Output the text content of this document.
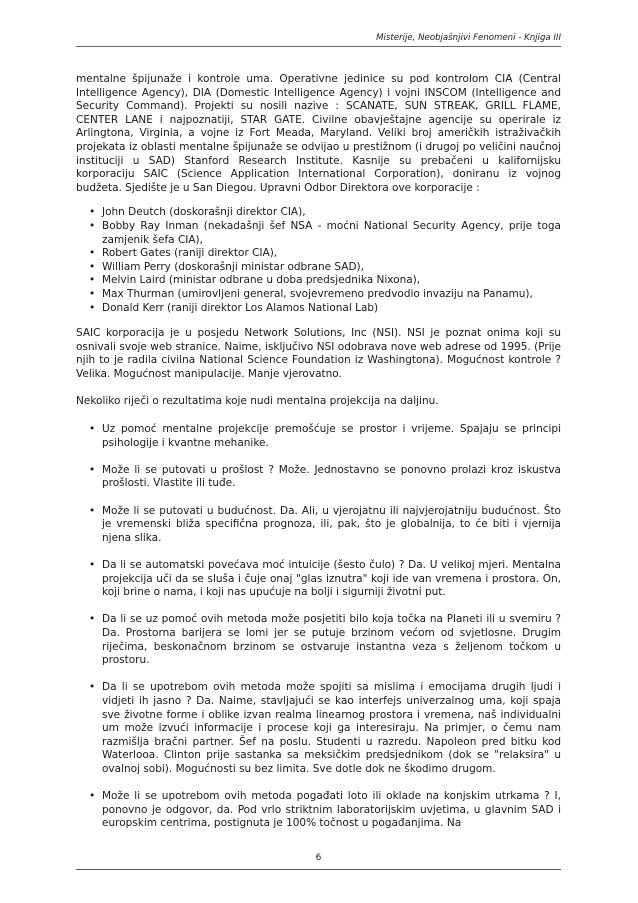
Misterije, Neobjašnjivi Fenomeni - Knjiga III

mentalne špijunaže i kontrole uma. Operativne jedinice su pod kontrolom CIA (Central Intelligence Agency), DIA (Domestic Intelligence Agency) i vojni INSCOM (Intelligence and Security Command). Projekti su nosili nazive : SCANATE, SUN STREAK, GRILL FLAME, CENTER LANE i najpoznatiji, STAR GATE. Civilne obavještajne agencije su operirale iz Arlingtona, Virginia, a vojne iz Fort Meada, Maryland. Veliki broj američkih istraživačkih projekata iz oblasti mentalne špijunaže se odvijao u prestižnom (i drugoj po veličini naučnoj instituciji u SAD) Stanford Research Institute. Kasnije su prebačeni u kalifornijsku korporaciju SAIC (Science Application International Corporation), doniranu iz vojnog budžeta. Sjedište je u San Diegou. Upravni Odbor Direktora ove korporacije :

• John Deutch (doskorašnji direktor CIA),
• Bobby Ray Inman (nekadašnji šef NSA - moćni National Security Agency, prije toga zamjenik šefa CIA),
• Robert Gates (raniji direktor CIA),
• William Perry (doskorašnji ministar odbrane SAD),
• Melvin Laird (ministar odbrane u doba predsjednika Nixona),
• Max Thurman (umirovljeni general, svojevremeno predvodio invaziju na Panamu),
• Donald Kerr (raniji direktor Los Alamos National Lab)

SAIC korporacija je u posjedu Network Solutions, Inc (NSI). NSI je poznat onima koji su osnivali svoje web stranice. Naime, isključivo NSI odobrava nove web adrese od 1995. (Prije njih to je radila civilna National Science Foundation iz Washingtona). Mogućnost kontrole ? Velika. Mogućnost manipulacije. Manje vjerovatno.

Nekoliko riječi o rezultatima koje nudi mentalna projekcija na daljinu.

• Uz pomoć mentalne projekcije premošćuje se prostor i vrijeme. Spajaju se principi psihologije i kvantne mehanike.
• Može li se putovati u prošlost ? Može. Jednostavno se ponovno prolazi kroz iskustva prošlosti. Vlastite ili tuđe.
• Može li se putovati u budućnost. Da. Ali, u vjerojatnu ili najvjerojatniju budućnost. Što je vremenski bliža specifična prognoza, ili, pak, što je globalnija, to će biti i vjernija njena slika.
• Da li se automatski povećava moć intuicije (šesto čulo) ? Da. U velikoj mjeri. Mentalna projekcija uči da se sluša i čuje onaj "glas iznutra" koji ide van vremena i prostora. On, koji brine o nama, i koji nas upućuje na bolji i sigurniji životni put.
• Da li se uz pomoć ovih metoda može posjetiti bilo koja točka na Planeti ili u svemiru ? Da. Prostorna barijera se lomi jer se putuje brzinom većom od svjetlosne. Drugim riječima, beskonačnom brzinom se ostvaruje instantna veza s željenom točkom u prostoru.
• Da li se upotrebom ovih metoda može spojiti sa mislima i emocijama drugih ljudi i vidjeti ih jasno ? Da. Naime, stavljajući se kao interfejs univerzalnog uma, koji spaja sve životne forme i oblike izvan realma linearnog prostora i vremena, naš individualni um može izvući informacije i procese koji ga interesiraju. Na primjer, o čemu nam razmišlja bračni partner. Šef na poslu. Studenti u razredu. Napoleon pred bitku kod Waterlooa. Clinton prije sastanka sa meksičkim predsjednikom (dok se "relaksira" u ovalnoj sobi). Mogućnosti su bez limita. Sve dotle dok ne škodimo drugom.
• Može li se upotrebom ovih metoda pogađati loto ili oklade na konjskim utrkama ? I, ponovno je odgovor, da. Pod vrlo striktnim laboratorijskim uvjetima, u glavnim SAD i europskim centrima, postignuta je 100% točnost u pogađanjima. Na
6
